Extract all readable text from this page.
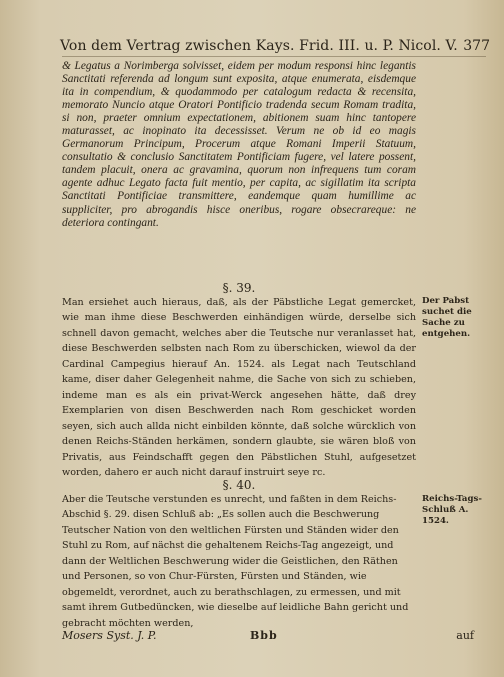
Von dem Vertrag zwischen Kays. Frid. III. u. P. Nicol. V. 377

& Legatus a Norimberga solvisset, eidem per modum responsi hinc legantis Sanctitati referenda ad longum sunt exposita, atque enumerata, eisdemque ita in compendium, & quodammodo per catalogum redacta & recensita, memorato Nuncio atque Oratori Pontificio tradenda secum Romam tradita, si non, praeter omnium expectationem, abitionem suam hinc tantopere maturasset, ac inopinato ita decessisset. Verum ne ob id eo magis Germanorum Principum, Procerum atque Romani Imperii Statuum, consultatio & conclusio Sanctitatem Pontificiam fugere, vel latere possent, tandem placuit, onera ac gravamina, quorum non infrequens tum coram agente adhuc Legato facta fuit mentio, per capita, ac sigillatim ita scripta Sanctitati Pontificiae transmittere, eandemque quam humillime ac suppliciter, pro abrogandis hisce oneribus, rogare obsecrareque: ne deteriora contingant.

§. 39.

Man ersiehet auch hieraus, daß, als der Päbstliche Legat gemercket, wie man ihme diese Beschwerden einhändigen würde, derselbe sich schnell davon gemacht, welches aber die Teutsche nur veranlasset hat, diese Beschwerden selbsten nach Rom zu überschicken, wiewol da der Cardinal Campegius hierauf An. 1524. als Legat nach Teutschland kame, diser daher Gelegenheit nahme, die Sache von sich zu schieben, indeme man es als ein privat-Werck angesehen hätte, daß drey Exemplarien von disen Beschwerden nach Rom geschicket worden seyen, sich auch allda nicht einbilden könnte, daß solche würcklich von denen Reichs-Ständen herkämen, sondern glaubte, sie wären bloß von Privatis, aus Feindschafft gegen den Päbstlichen Stuhl, aufgesetzet worden, dahero er auch nicht darauf instruirt seye rc.

Der Pabst suchet die Sache zu entgehen.
§. 40.

Aber die Teutsche verstunden es unrecht, und faßten in dem Reichs-Abschid §. 29. disen Schluß ab: „Es sollen auch die Beschwerung Teutscher Nation von den weltlichen Fürsten und Ständen wider den Stuhl zu Rom, auf nächst die gehaltenem Reichs-Tag angezeigt, und dann der Weltlichen Beschwerung wider die Geistlichen, den Räthen und Personen, so von Chur-Fürsten, Fürsten und Ständen, wie obgemeldt, verordnet, auch zu berathschlagen, zu ermessen, und mit samt ihrem Gutbedüncken, wie dieselbe auf leidliche Bahn gericht und gebracht möchten werden,

Reichs-Tags-Schluß A. 1524.
Mosers Syst. J. P.	Bbb	auf
